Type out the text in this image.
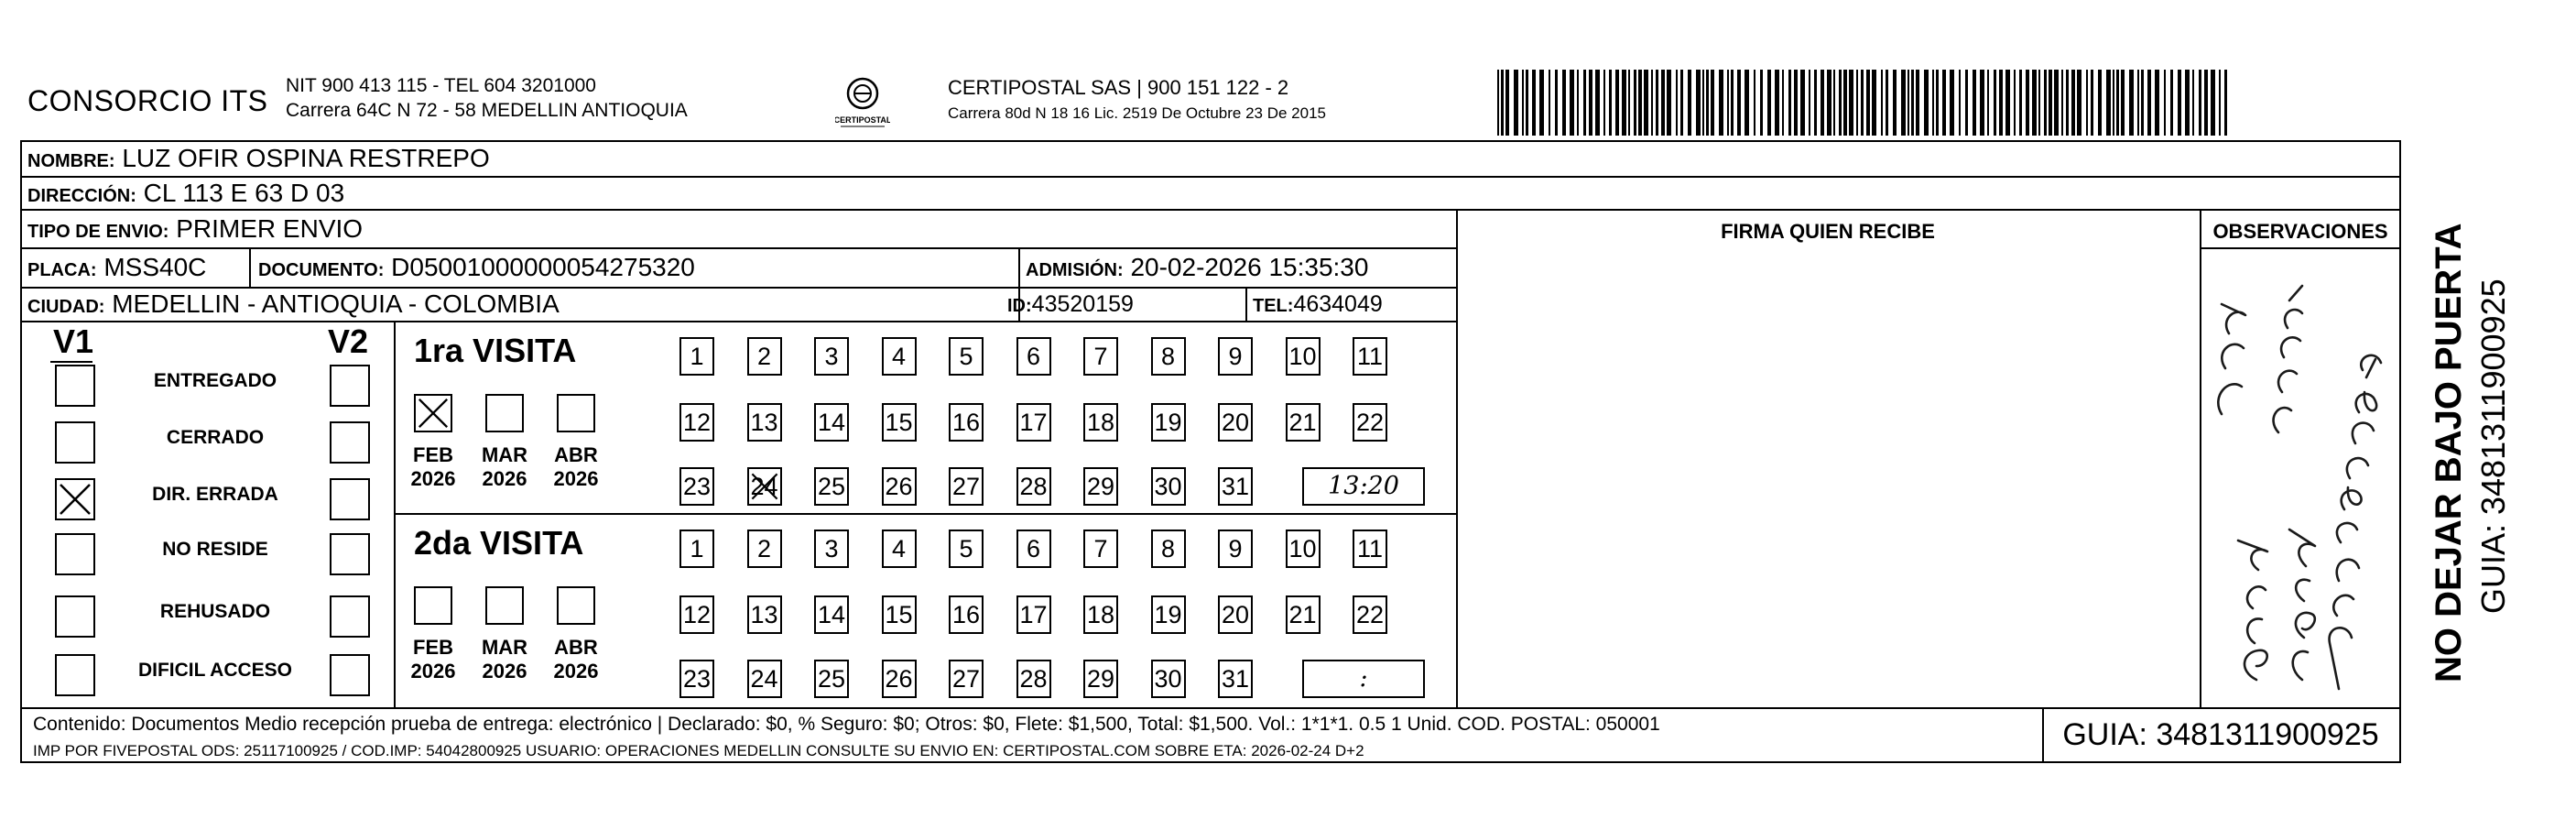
CONSORCIO ITS NIT 900 413 115 - TEL 604 3201000
Carrera 64C N 72 - 58 MEDELLIN ANTIOQUIA	CERTIPOSTAL
CERTIPOSTAL SAS | 900 151 122 - 2
Carrera 80d N 18 16 Lic. 2519 De Octubre 23 De 2015
NOMBRE: LUZ OFIR OSPINA RESTREPO
DIRECCIÓN: CL 113 E 63 D 03
TIPO DE ENVIO: PRIMER ENVIO
PLACA: MSS40C	DOCUMENTO: D05001000000054275320	ADMISIÓN: 20-02-2026 15:35:30
CIUDAD: MEDELLIN - ANTIOQUIA - COLOMBIA	ID:43520159	TEL:4634049
FIRMA QUIEN RECIBE	OBSERVACIONES
V1	V2
Contenido: Documentos Medio recepción prueba de entrega: electrónico | Declarado: $0, % Seguro: $0; Otros: $0, Flete: $1,500, Total: $1,500. Vol.: 1*1*1. 0.5 1 Unid. COD. POSTAL: 050001
IMP POR FIVEPOSTAL ODS: 25117100925 / COD.IMP: 54042800925 USUARIO: OPERACIONES MEDELLIN CONSULTE SU ENVIO EN: CERTIPOSTAL.COM SOBRE ETA: 2026-02-24 D+2	GUIA: 3481311900925
NO DEJAR BAJO PUERTA GUIA: 3481311900925
ENTREGADO
CERRADO
DIR. ERRADA
NO RESIDE
REHUSADO
DIFICIL ACCESO
1ra VISITA
FEB
2026
MAR
2026
ABR
2026
1	2	3	4	5	6	7	8	9	10 11
12 13 14 15 16 17 18 19 20 21 22
23 24 25 26 27 28 29 30 31	13:20
2da VISITA
FEB
2026
MAR
2026
ABR
2026
1	2	3	4	5	6	7	8	9	10 11
12 13 14 15 16 17 18 19 20 21 22
23 24 25 26 27 28 29 30 31	:
